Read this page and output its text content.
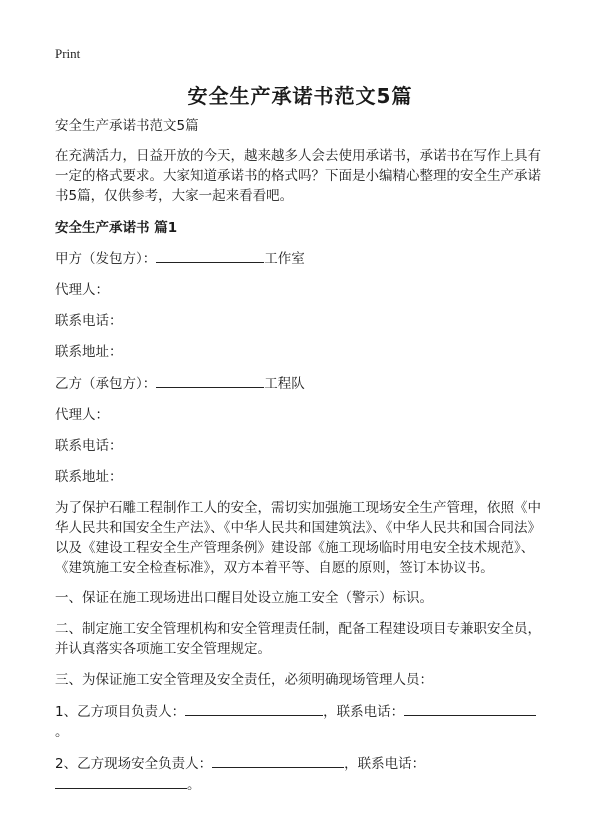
Print
安全生产承诺书范文5篇

安全生产承诺书范文5篇

在充满活力，日益开放的今天，越来越多人会去使用承诺书，承诺书在写作上具有一定的格式要求。大家知道承诺书的格式吗？下面是小编精心整理的安全生产承诺书5篇，仅供参考，大家一起来看看吧。

安全生产承诺书 篇1

甲方（发包方）：	工作室

代理人：

联系电话：

联系地址：

乙方（承包方）：	工程队

代理人：

联系电话：

联系地址：

为了保护石雕工程制作工人的安全，需切实加强施工现场安全生产管理，依照《中华人民共和国安全生产法》、《中华人民共和国建筑法》、《中华人民共和国合同法》以及《建设工程安全生产管理条例》建设部《施工现场临时用电安全技术规范》、《建筑施工安全检查标准》，双方本着平等、自愿的原则，签订本协议书。

一、保证在施工现场进出口醒目处设立施工安全（警示）标识。

二、制定施工安全管理机构和安全管理责任制，配备工程建设项目专兼职安全员，并认真落实各项施工安全管理规定。

三、为保证施工安全管理及安全责任，必须明确现场管理人员：

1、乙方项目负责人：	，联系电话：
。

2、乙方现场安全负责人：	，联系电话：
。
